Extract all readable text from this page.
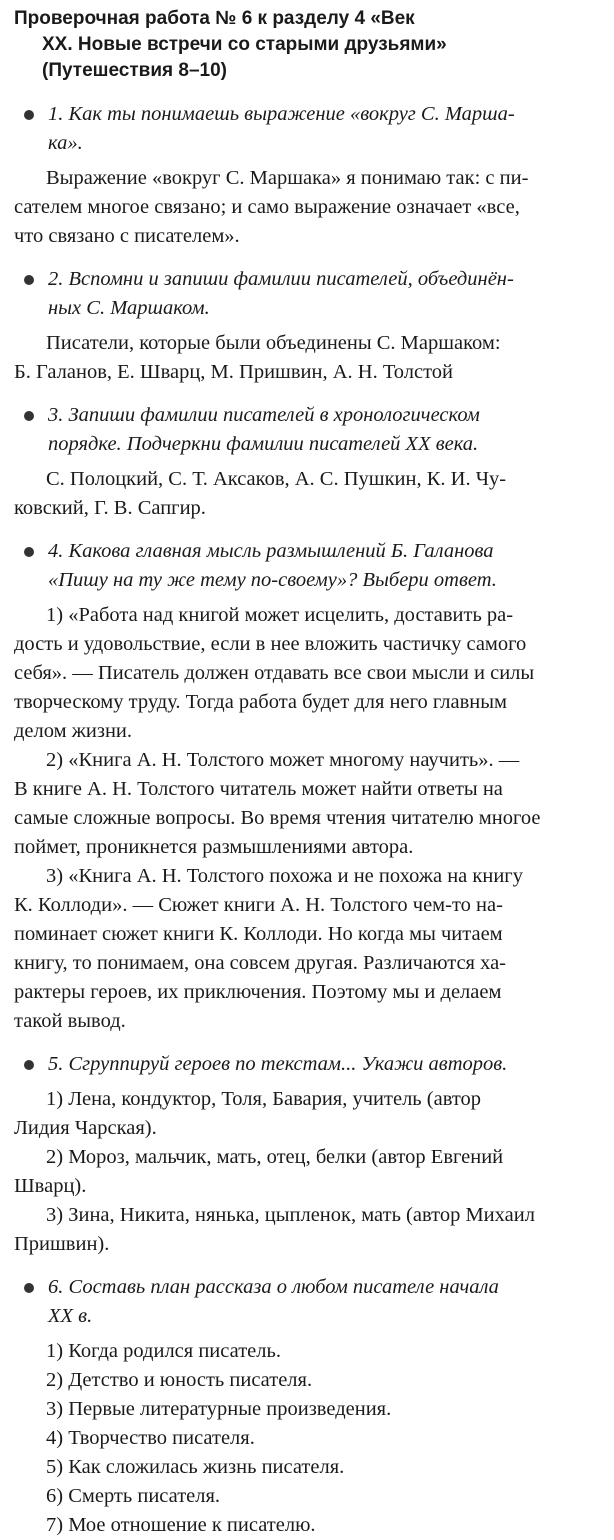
Проверочная работа № 6 к разделу 4 «Век
XX. Новые встречи со старыми друзьями»
(Путешествия 8–10)
1. Как ты понимаешь выражение «вокруг С. Марша-
ка».
Выражение «вокруг С. Маршака» я понимаю так: с пи-
сателем многое связано; и само выражение означает «все,
что связано с писателем».
2. Вспомни и запиши фамилии писателей, объединён-
ных С. Маршаком.
Писатели, которые были объединены С. Маршаком:
Б. Галанов, Е. Шварц, М. Пришвин, А. Н. Толстой
3. Запиши фамилии писателей в хронологическом
порядке. Подчеркни фамилии писателей XX века.
С. Полоцкий, С. Т. Аксаков, А. С. Пушкин, К. И. Чу-
ковский, Г. В. Сапгир.
4. Какова главная мысль размышлений Б. Галанова
«Пишу на ту же тему по-своему»? Выбери ответ.
1) «Работа над книгой может исцелить, доставить ра-
дость и удовольствие, если в нее вложить частичку самого
себя». — Писатель должен отдавать все свои мысли и силы
творческому труду. Тогда работа будет для него главным
делом жизни.
2) «Книга А. Н. Толстого может многому научить». —
В книге А. Н. Толстого читатель может найти ответы на
самые сложные вопросы. Во время чтения читателю многое
поймет, проникнется размышлениями автора.
3) «Книга А. Н. Толстого похожа и не похожа на книгу
К. Коллоди». — Сюжет книги А. Н. Толстого чем-то на-
поминает сюжет книги К. Коллоди. Но когда мы читаем
книгу, то понимаем, она совсем другая. Различаются ха-
рактеры героев, их приключения. Поэтому мы и делаем
такой вывод.
5. Сгруппируй героев по текстам... Укажи авторов.
1) Лена, кондуктор, Толя, Бавария, учитель (автор
Лидия Чарская).
2) Мороз, мальчик, мать, отец, белки (автор Евгений
Шварц).
3) Зина, Никита, нянька, цыпленок, мать (автор Михаил
Пришвин).
6. Составь план рассказа о любом писателе начала
XX в.
1) Когда родился писатель.
2) Детство и юность писателя.
3) Первые литературные произведения.
4) Творчество писателя.
5) Как сложилась жизнь писателя.
6) Смерть писателя.
7) Мое отношение к писателю.
